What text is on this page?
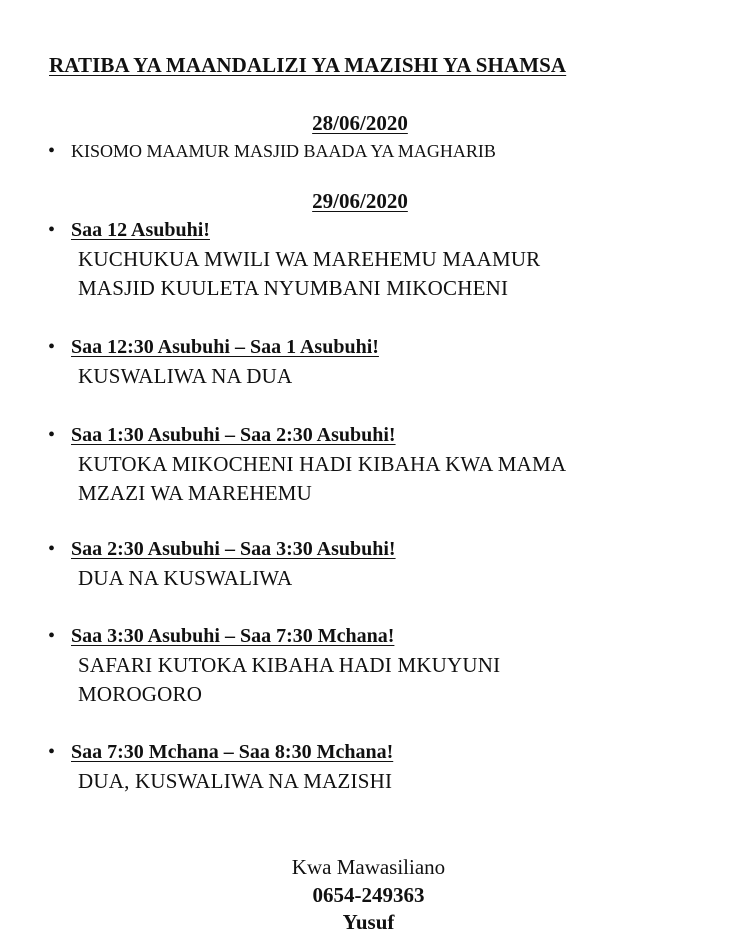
RATIBA YA MAANDALIZI YA MAZISHI YA SHAMSA
28/06/2020
• KISOMO MAAMUR MASJID BAADA YA MAGHARIB
29/06/2020
• Saa 12 Asubuhi!
KUCHUKUA MWILI WA MAREHEMU MAAMUR
MASJID KUULETA NYUMBANI MIKOCHENI
• Saa 12:30 Asubuhi – Saa 1 Asubuhi!
KUSWALIWA NA DUA
• Saa 1:30 Asubuhi – Saa 2:30 Asubuhi!
KUTOKA MIKOCHENI HADI KIBAHA KWA MAMA
MZAZI WA MAREHEMU
• Saa 2:30 Asubuhi – Saa 3:30 Asubuhi!
DUA NA KUSWALIWA
• Saa 3:30 Asubuhi – Saa 7:30 Mchana!
SAFARI KUTOKA KIBAHA HADI MKUYUNI
MOROGORO
• Saa 7:30 Mchana – Saa 8:30 Mchana!
DUA, KUSWALIWA NA MAZISHI
Kwa Mawasiliano
0654-249363
Yusuf
